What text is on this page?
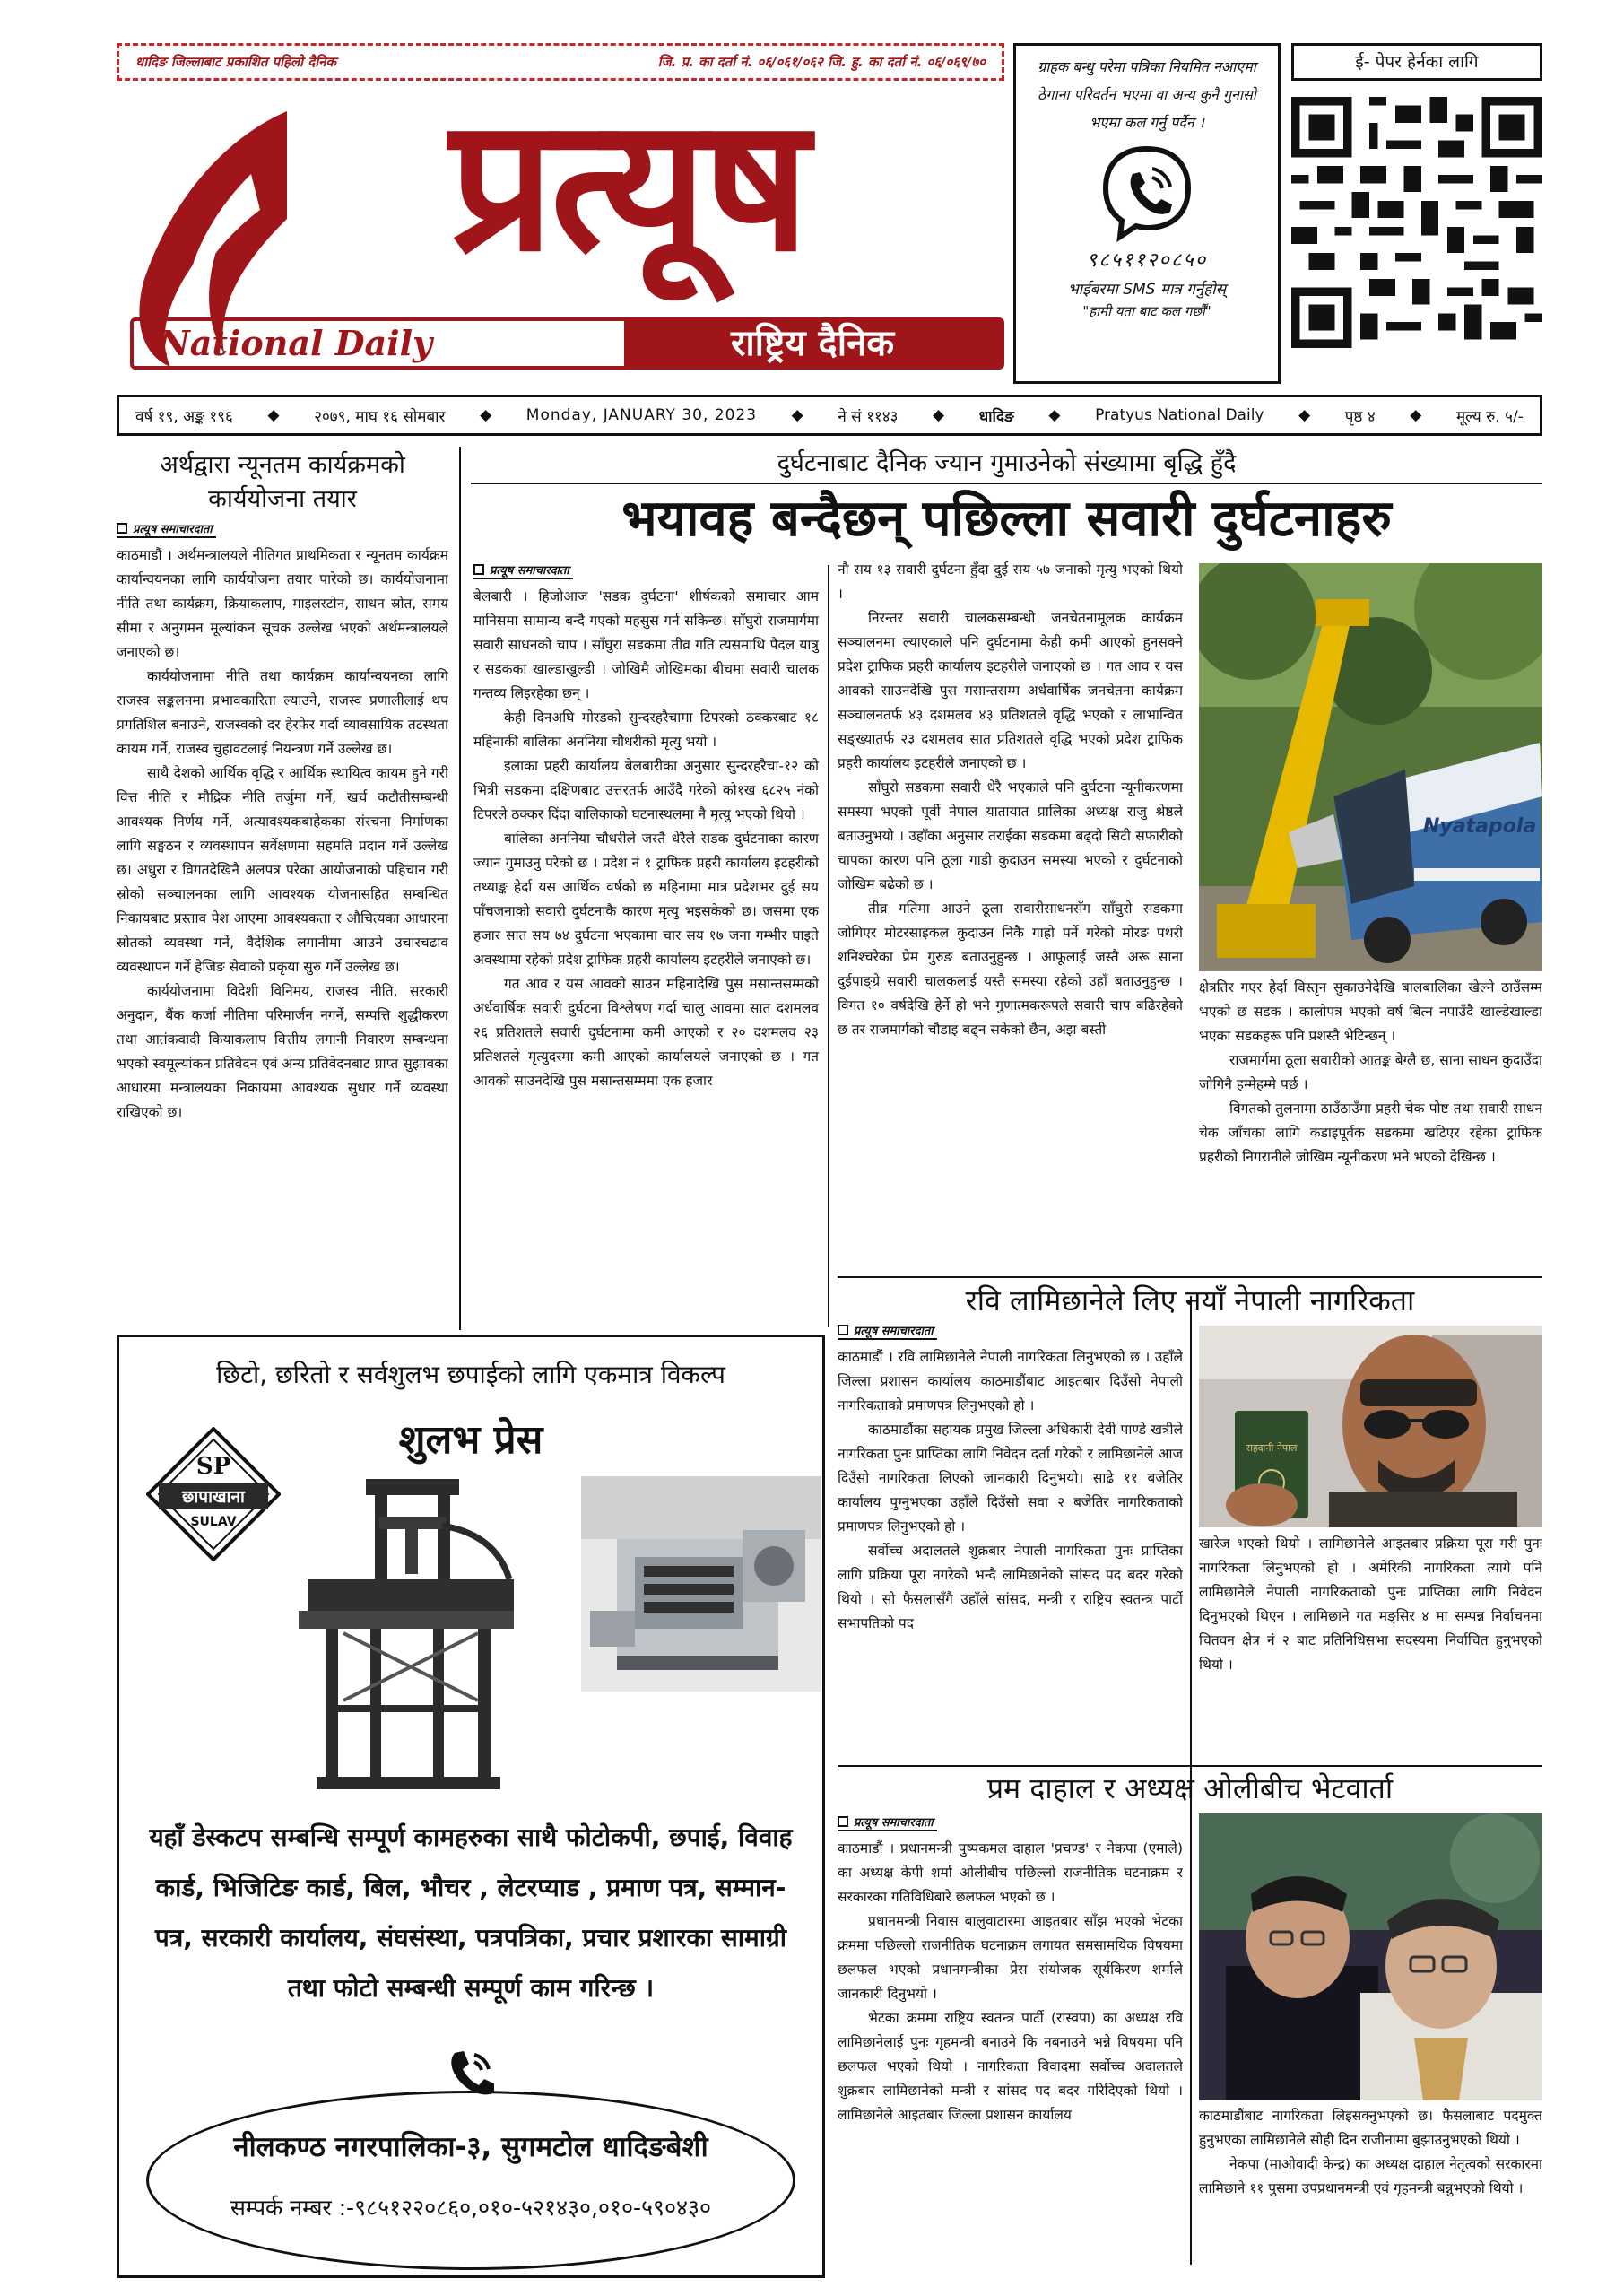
धादिङ जिल्लाबाट प्रकाशित पहिलो दैनिक	जि. प्र. का दर्ता नं. ०६/०६१/०६२ जि. हु. का दर्ता नं. ०६/०६९/७०
प्रत्यूष
National Daily	राष्ट्रिय दैनिक
ग्राहक बन्धु परेमा पत्रिका नियमित नआएमा ठेगाना परिवर्तन भएमा वा अन्य कुनै गुनासो भएमा कल गर्नु पर्दैन ।
९८५११२०८५०
भाईबरमा SMS मात्र गर्नुहोस्
"हामी यता बाट कल गर्छौं"
ई- पेपर हेर्नका लागि
वर्ष १९, अङ्क १९६ ◆ २०७९, माघ १६ सोमबार ◆ Monday, JANUARY 30, 2023 ◆ ने सं ११४३ ◆ धादिङ ◆ Pratyus National Daily ◆ पृष्ठ ४ ◆ मूल्य रु. ५/-
अर्थद्वारा न्यूनतम कार्यक्रमको कार्ययोजना तयार
प्रत्यूष समाचारदाता

काठमाडौं । अर्थमन्त्रालयले नीतिगत प्राथमिकता र न्यूनतम कार्यक्रम कार्यान्वयनका लागि कार्ययोजना तयार पारेको छ। कार्ययोजनामा नीति तथा कार्यक्रम, क्रियाकलाप, माइलस्टोन, साधन स्रोत, समय सीमा र अनुगमन मूल्यांकन सूचक उल्लेख भएको अर्थमन्त्रालयले जनाएको छ।

कार्ययोजनामा नीति तथा कार्यक्रम कार्यान्वयनका लागि राजस्व सङ्कलनमा प्रभावकारिता ल्याउने, राजस्व प्रणालीलाई थप प्रगतिशिल बनाउने, राजस्वको दर हेरफेर गर्दा व्यावसायिक तटस्थता कायम गर्ने, राजस्व चुहावटलाई नियन्त्रण गर्ने उल्लेख छ।

साथै देशको आर्थिक वृद्धि र आर्थिक स्थायित्व कायम हुने गरी वित्त नीति र मौद्रिक नीति तर्जुमा गर्ने, खर्च कटौतीसम्बन्धी आवश्यक निर्णय गर्ने, अत्यावश्यकबाहेकका संरचना निर्माणका लागि सङ्घठन र व्यवस्थापन सर्वेक्षणमा सहमति प्रदान गर्ने उल्लेख छ। अधुरा र विगतदेखिनै अलपत्र परेका आयोजनाको पहिचान गरी स्रोको सञ्चालनका लागि आवश्यक योजनासहित सम्बन्धित निकायबाट प्रस्ताव पेश आएमा आवश्यकता र औचित्यका आधारमा स्रोतको व्यवस्था गर्ने, वैदेशिक लगानीमा आउने उचारचढाव व्यवस्थापन गर्ने हेजिङ सेवाको प्रकृया सुरु गर्ने उल्लेख छ।

कार्ययोजनामा विदेशी विनिमय, राजस्व नीति, सरकारी अनुदान, बैंक कर्जा नीतिमा परिमार्जन नगर्ने, सम्पत्ति शुद्धीकरण तथा आतंकवादी कियाकलाप वित्तीय लगानी निवारण सम्बन्धमा भएको स्वमूल्यांकन प्रतिवेदन एवं अन्य प्रतिवेदनबाट प्राप्त सुझावका आधारमा मन्त्रालयका निकायमा आवश्यक सुधार गर्ने व्यवस्था राखिएको छ।

दुर्घटनाबाट दैनिक ज्यान गुमाउनेको संख्यामा बृद्धि हुँदै
भयावह बन्दैछन् पछिल्ला सवारी दुर्घटनाहरु
प्रत्यूष समाचारदाता

बेलबारी । हिजोआज 'सडक दुर्घटना' शीर्षकको समाचार आम मानिसमा सामान्य बन्दै गएको महसुस गर्न सकिन्छ। साँघुरो राजमार्गमा सवारी साधनको चाप । साँघुरा सडकमा तीव्र गति त्यसमाथि पैदल यात्रु र सडकका खाल्डाखुल्डी । जोखिमै जोखिमका बीचमा सवारी चालक गन्तव्य लिइरहेका छन् ।

केही दिनअघि मोरडको सुन्दरहरैचामा टिपरको ठक्करबाट १८ महिनाकी बालिका अननिया चौधरीको मृत्यु भयो ।

इलाका प्रहरी कार्यालय बेलबारीका अनुसार सुन्दरहरैचा-१२ को भित्री सडकमा दक्षिणबाट उत्तरतर्फ आउँदै गरेको को१ख ६८२५ नंको टिपरले ठक्कर दिंदा बालिकाको घटनास्थलमा नै मृत्यु भएको थियो ।

बालिका अननिया चौधरीले जस्तै धेरैले सडक दुर्घटनाका कारण ज्यान गुमाउनु परेको छ । प्रदेश नं १ ट्राफिक प्रहरी कार्यालय इटहरीको तथ्याङ्क हेर्दा यस आर्थिक वर्षको छ महिनामा मात्र प्रदेशभर दुई सय पाँचजनाको सवारी दुर्घटनाकै कारण मृत्यु भइसकेको छ। जसमा एक हजार सात सय ७४ दुर्घटना भएकामा चार सय १७ जना गम्भीर घाइते अवस्थामा रहेको प्रदेश ट्राफिक प्रहरी कार्यालय इटहरीले जनाएको छ।

गत आव र यस आवको साउन महिनादेखि पुस मसान्तसम्मको अर्धवार्षिक सवारी दुर्घटना विश्लेषण गर्दा चालु आवमा सात दशमलव २६ प्रतिशतले सवारी दुर्घटनामा कमी आएको र २० दशमलव २३ प्रतिशतले मृत्युदरमा कमी आएको कार्यालयले जनाएको छ । गत आवको साउनदेखि पुस मसान्तसम्ममा एक हजार

नौ सय १३ सवारी दुर्घटना हुँदा दुई सय ५७ जनाको मृत्यु भएको थियो ।

निरन्तर सवारी चालकसम्बन्धी जनचेतनामूलक कार्यक्रम सञ्चालनमा ल्याएकाले पनि दुर्घटनामा केही कमी आएको हुनसक्ने प्रदेश ट्राफिक प्रहरी कार्यालय इटहरीले जनाएको छ । गत आव र यस आवको साउनदेखि पुस मसान्तसम्म अर्धवार्षिक जनचेतना कार्यक्रम सञ्चालनतर्फ ४३ दशमलव ४३ प्रतिशतले वृद्धि भएको र लाभान्वित सङ्ख्यातर्फ २३ दशमलव सात प्रतिशतले वृद्धि भएको प्रदेश ट्राफिक प्रहरी कार्यालय इटहरीले जनाएको छ ।

साँघुरो सडकमा सवारी धेरै भएकाले पनि दुर्घटना न्यूनीकरणमा समस्या भएको पूर्वी नेपाल यातायात प्रालिका अध्यक्ष राजु श्रेष्ठले बताउनुभयो । उहाँका अनुसार तराईका सडकमा बढ्दो सिटी सफारीको चापका कारण पनि ठूला गाडी कुदाउन समस्या भएको र दुर्घटनाको जोखिम बढेको छ ।

तीव्र गतिमा आउने ठूला सवारीसाधनसँग साँघुरो सडकमा जोगिएर मोटरसाइकल कुदाउन निकै गाह्रो पर्ने गरेको मोरङ पथरी शनिश्चरेका प्रेम गुरुङ बताउनुहुन्छ । आफूलाई जस्तै अरू साना दुईपाङ्ग्रे सवारी चालकलाई यस्तै समस्या रहेको उहाँ बताउनुहुन्छ । विगत १० वर्षदेखि हेर्ने हो भने गुणात्मकरूपले सवारी चाप बढिरहेको छ तर राजमार्गको चौडाइ बढ्न सकेको छैन, अझ बस्ती

Nyatapola

क्षेत्रतिर गएर हेर्दा विस्तृन सुकाउनेदेखि बालबालिका खेल्ने ठाउँसम्म भएको छ सडक । कालोपत्र भएको वर्ष बित्न नपाउँदै खाल्डेखाल्डा भएका सडकहरू पनि प्रशस्तै भेटिन्छन् ।

राजमार्गमा ठूला सवारीको आतङ्क बेग्लै छ, साना साधन कुदाउँदा जोगिनै हम्मेहम्मे पर्छ ।

विगतको तुलनामा ठाउँठाउँमा प्रहरी चेक पोष्ट तथा सवारी साधन चेक जाँचका लागि कडाइपूर्वक सडकमा खटिएर रहेका ट्राफिक प्रहरीको निगरानीले जोखिम न्यूनीकरण भने भएको देखिन्छ ।

रवि लामिछानेले लिए नयाँ नेपाली नागरिकता
प्रत्यूष समाचारदाता

काठमाडौं । रवि लामिछानेले नेपाली नागरिकता लिनुभएको छ । उहाँले जिल्ला प्रशासन कार्यालय काठमाडौंबाट आइतबार दिउँसो नेपाली नागरिकताको प्रमाणपत्र लिनुभएको हो ।

काठमाडौंका सहायक प्रमुख जिल्ला अधिकारी देवी पाण्डे खत्रीले नागरिकता पुनः प्राप्तिका लागि निवेदन दर्ता गरेको र लामिछानेले आज दिउँसो नागरिकता लिएको जानकारी दिनुभयो। साढे ११ बजेतिर कार्यालय पुग्नुभएका उहाँले दिउँसो सवा २ बजेतिर नागरिकताको प्रमाणपत्र लिनुभएको हो ।

सर्वोच्च अदालतले शुक्रबार नेपाली नागरिकता पुनः प्राप्तिका लागि प्रक्रिया पूरा नगरेको भन्दै लामिछानेको सांसद पद बदर गरेको थियो । सो फैसलासँगै उहाँले सांसद, मन्त्री र राष्ट्रिय स्वतन्त्र पार्टी सभापतिको पद

राहदानी नेपाल

खारेज भएको थियो । लामिछानेले आइतबार प्रक्रिया पूरा गरी पुनः नागरिकता लिनुभएको हो । अमेरिकी नागरिकता त्यागे पनि लामिछानेले नेपाली नागरिकताको पुनः प्राप्तिका लागि निवेदन दिनुभएको थिएन । लामिछाने गत मङ्सिर ४ मा सम्पन्न निर्वाचनमा चितवन क्षेत्र नं २ बाट प्रतिनिधिसभा सदस्यमा निर्वाचित हुनुभएको थियो ।

प्रम दाहाल र अध्यक्ष ओलीबीच भेटवार्ता
प्रत्यूष समाचारदाता

काठमाडौं । प्रधानमन्त्री पुष्पकमल दाहाल 'प्रचण्ड' र नेकपा (एमाले) का अध्यक्ष केपी शर्मा ओलीबीच पछिल्लो राजनीतिक घटनाक्रम र सरकारका गतिविधिबारे छलफल भएको छ ।

प्रधानमन्त्री निवास बालुवाटारमा आइतबार साँझ भएको भेटका क्रममा पछिल्लो राजनीतिक घटनाक्रम लगायत समसामयिक विषयमा छलफल भएको प्रधानमन्त्रीका प्रेस संयोजक सूर्यकिरण शर्माले जानकारी दिनुभयो ।

भेटका क्रममा राष्ट्रिय स्वतन्त्र पार्टी (रास्वपा) का अध्यक्ष रवि लामिछानेलाई पुनः गृहमन्त्री बनाउने कि नबनाउने भन्ने विषयमा पनि छलफल भएको थियो । नागरिकता विवादमा सर्वोच्च अदालतले शुक्रबार लामिछानेको मन्त्री र सांसद पद बदर गरिदिएको थियो । लामिछानेले आइतबार जिल्ला प्रशासन कार्यालय	काठमाडौंबाट नागरिकता लिइसक्नुभएको छ। फैसलाबाट पदमुक्त हुनुभएका लामिछानेले सोही दिन राजीनामा बुझाउनुभएको थियो ।

नेकपा (माओवादी केन्द्र) का अध्यक्ष दाहाल नेतृत्वको सरकारमा लामिछाने ११ पुसमा उपप्रधानमन्त्री एवं गृहमन्त्री बन्नुभएको थियो ।

छिटो, छरितो र सर्वशुलभ छपाईको लागि एकमात्र विकल्प
शुलभ प्रेस
SP
छापाखाना
SULAV
यहाँ डेस्कटप सम्बन्धि सम्पूर्ण कामहरुका साथै फोटोकपी, छपाई, विवाह कार्ड, भिजिटिङ कार्ड, बिल, भौचर , लेटरप्याड , प्रमाण पत्र, सम्मान-पत्र, सरकारी कार्यालय, संघसंस्था, पत्रपत्रिका, प्रचार प्रशारका सामाग्री तथा फोटो सम्बन्धी सम्पूर्ण काम गरिन्छ ।
नीलकण्ठ नगरपालिका-३, सुगमटोल धादिङबेशी
सम्पर्क नम्बर :-९८५१२२०८६०,०१०-५२१४३०,०१०-५९०४३०
